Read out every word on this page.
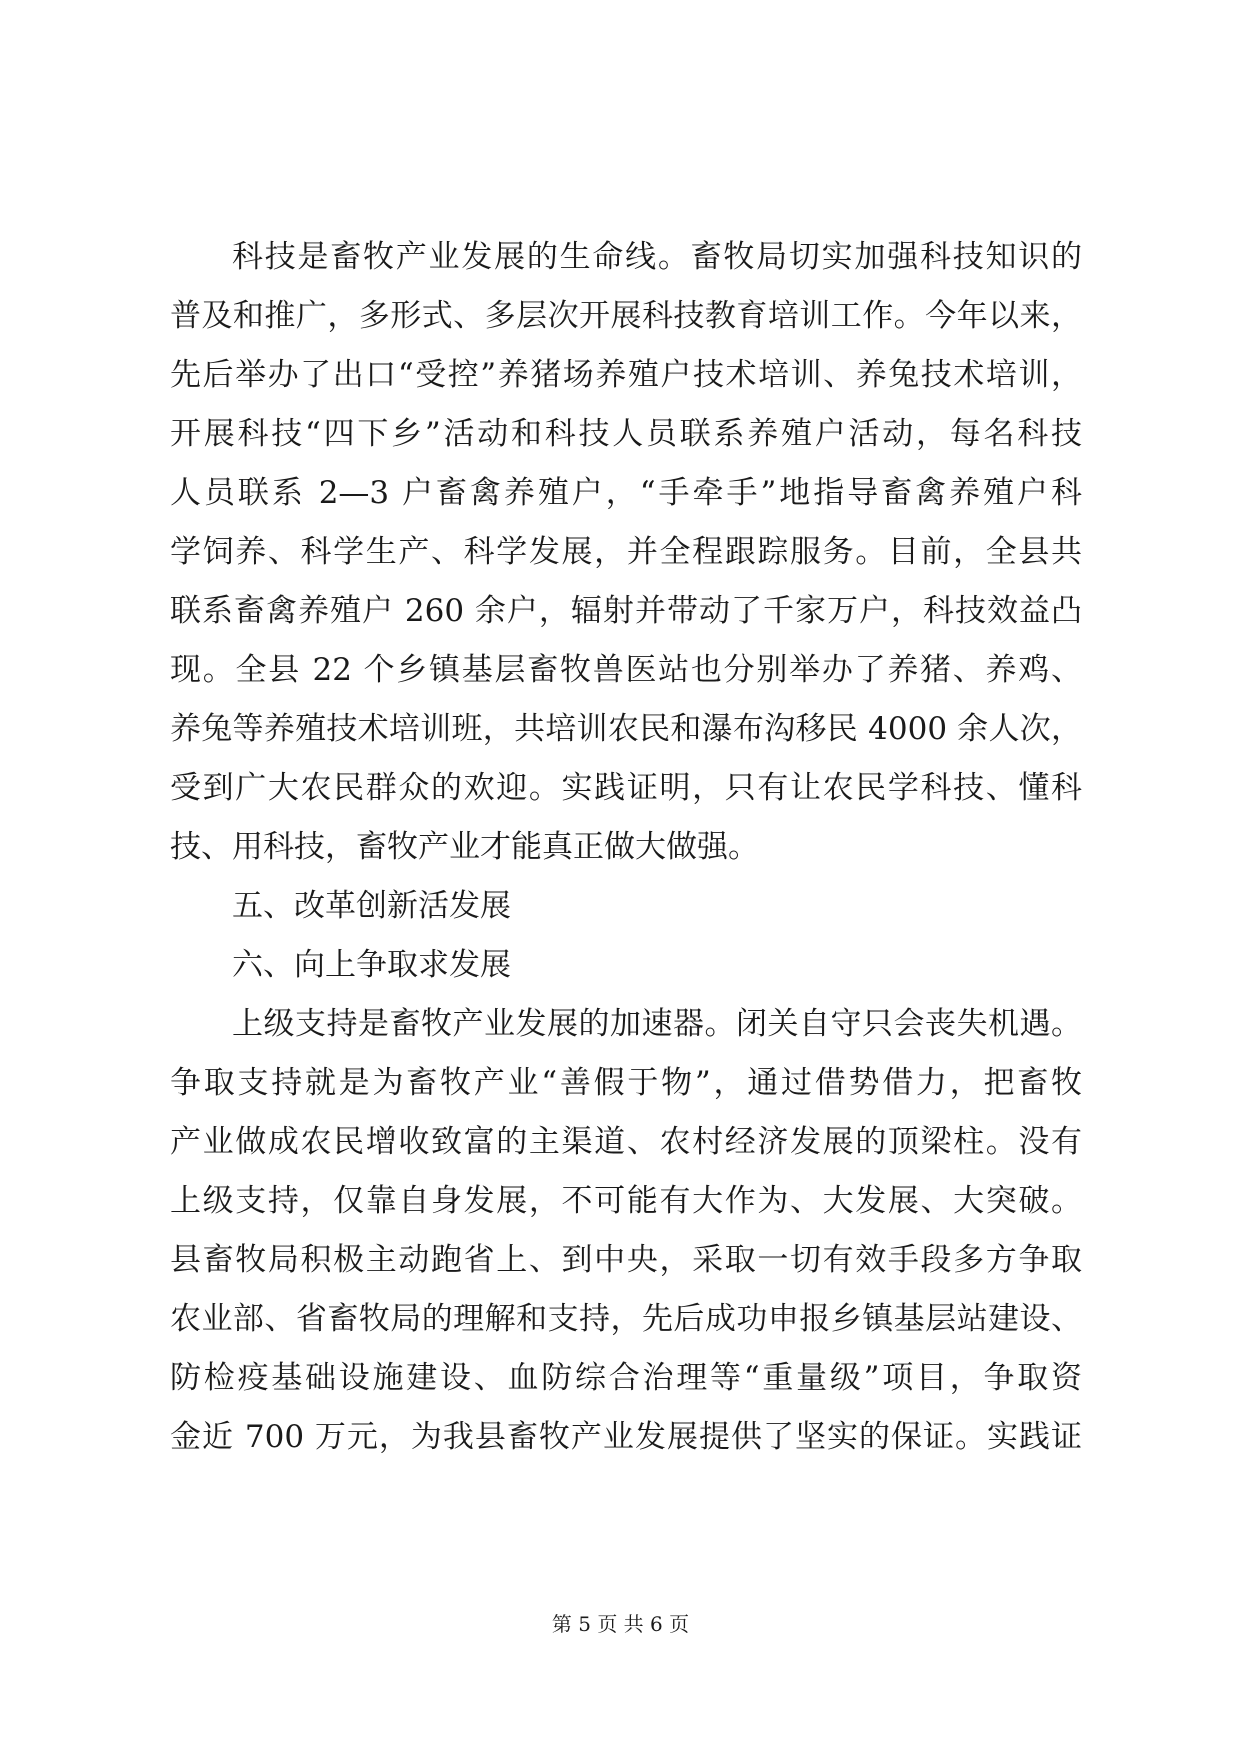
科技是畜牧产业发展的生命线。畜牧局切实加强科技知识的
普及和推广，多形式、多层次开展科技教育培训工作。今年以来，
先后举办了出口“受控”养猪场养殖户技术培训、养兔技术培训，
开展科技“四下乡”活动和科技人员联系养殖户活动，每名科技
人员联系 2—3 户畜禽养殖户，“手牵手”地指导畜禽养殖户科
学饲养、科学生产、科学发展，并全程跟踪服务。目前，全县共
联系畜禽养殖户 260 余户，辐射并带动了千家万户，科技效益凸
现。全县 22 个乡镇基层畜牧兽医站也分别举办了养猪、养鸡、
养兔等养殖技术培训班，共培训农民和瀑布沟移民 4000 余人次，
受到广大农民群众的欢迎。实践证明，只有让农民学科技、懂科
技、用科技，畜牧产业才能真正做大做强。
五、改革创新活发展
六、向上争取求发展
上级支持是畜牧产业发展的加速器。闭关自守只会丧失机遇。
争取支持就是为畜牧产业“善假于物”，通过借势借力，把畜牧
产业做成农民增收致富的主渠道、农村经济发展的顶梁柱。没有
上级支持，仅靠自身发展，不可能有大作为、大发展、大突破。
县畜牧局积极主动跑省上、到中央，采取一切有效手段多方争取
农业部、省畜牧局的理解和支持，先后成功申报乡镇基层站建设、
防检疫基础设施建设、血防综合治理等“重量级”项目，争取资
金近 700 万元，为我县畜牧产业发展提供了坚实的保证。实践证
第 5 页 共 6 页
